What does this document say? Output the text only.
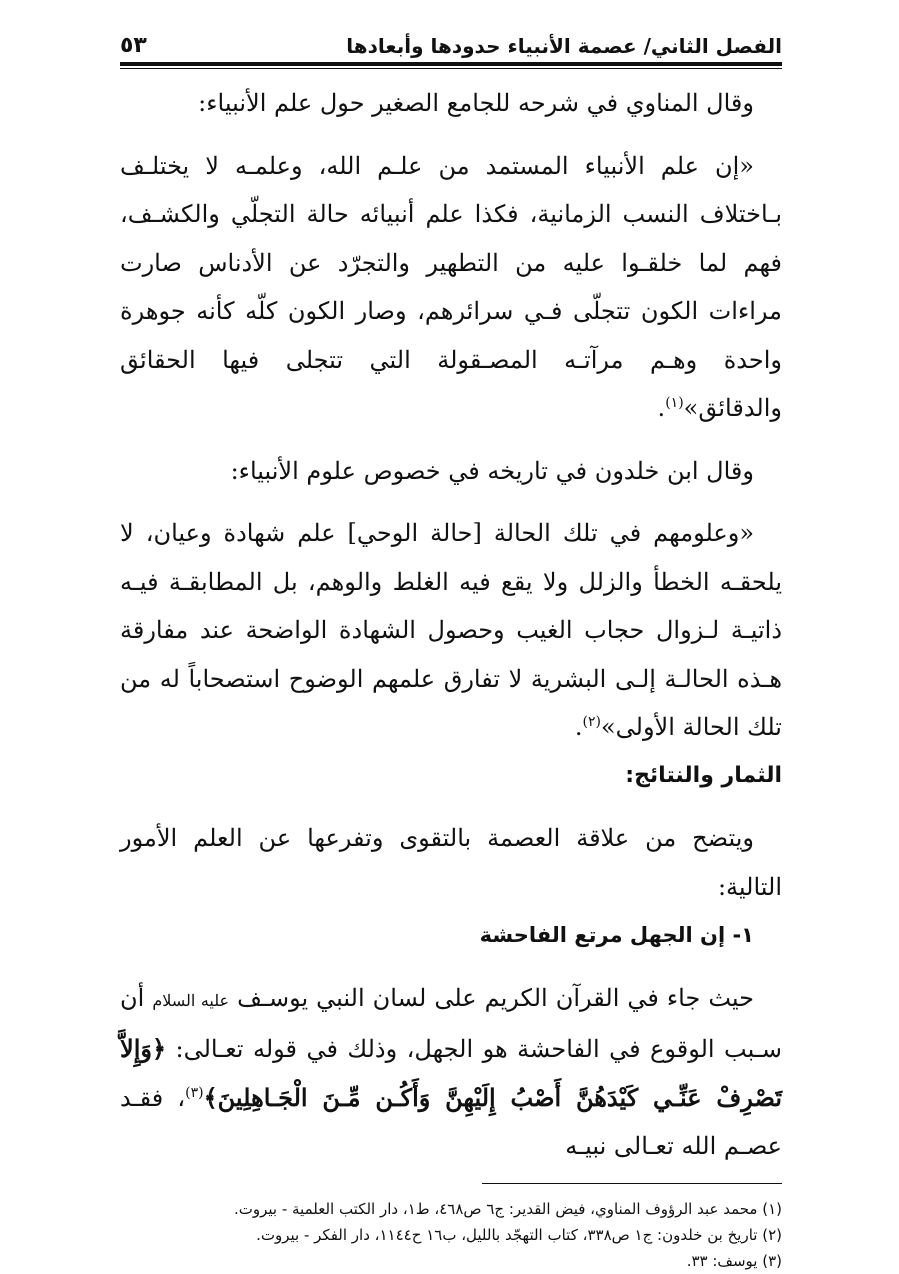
الفصل الثاني/ عصمة الأنبياء حدودها وأبعادها
٥٣

وقال المناوي في شرحه للجامع الصغير حول علم الأنبياء:

«إن علم الأنبياء المستمد من علـم الله، وعلمـه لا يختلـف بـاختلاف النسب الزمانية، فكذا علم أنبيائه حالة التجلّي والكشـف، فهم لما خلقـوا عليه من التطهير والتجرّد عن الأدناس صارت مراءات الكون تتجلّى فـي سرائرهم، وصار الكون كلّه كأنه جوهرة واحدة وهـم مرآتـه المصـقولة التي تتجلى فيها الحقائق والدقائق»$^{(١)}$.

وقال ابن خلدون في تاريخه في خصوص علوم الأنبياء:

«وعلومهم في تلك الحالة [حالة الوحي] علم شهادة وعيان، لا يلحقـه الخطأ والزلل ولا يقع فيه الغلط والوهم، بل المطابقـة فيـه ذاتيـة لـزوال حجاب الغيب وحصول الشهادة الواضحة عند مفارقة هـذه الحالـة إلـى البشرية لا تفارق علمهم الوضوح استصحاباً له من تلك الحالة الأولى»$^{(٢)}$.

الثمار والنتائج:

ويتضح من علاقة العصمة بالتقوى وتفرعها عن العلم الأمور التالية:

١- إن الجهل مرتع الفاحشة

حيث جاء في القرآن الكريم على لسان النبي يوسـف عليه السلام أن سـبب الوقوع في الفاحشة هو الجهل، وذلك في قوله تعـالى: ﴿وَإِلاَّ تَصْرِفْ عَنِّـي كَيْدَهُنَّ أَصْبُ إِلَيْهِنَّ وَأَكُـن مِّـنَ الْجَـاهِلِينَ﴾$^{(٣)}$، فقـد عصـم الله تعـالى نبيـه

(١) محمد عبد الرؤوف المناوي، فيض القدير: ج٦ ص٤٦٨، ط١، دار الكتب العلمية - بيروت.

(٢) تاريخ بن خلدون: ج١ ص٣٣٨، كتاب التهجّد بالليل، ب١٦ ح١١٤٤، دار الفكر - بيروت.

(٣) يوسف: ٣٣.
